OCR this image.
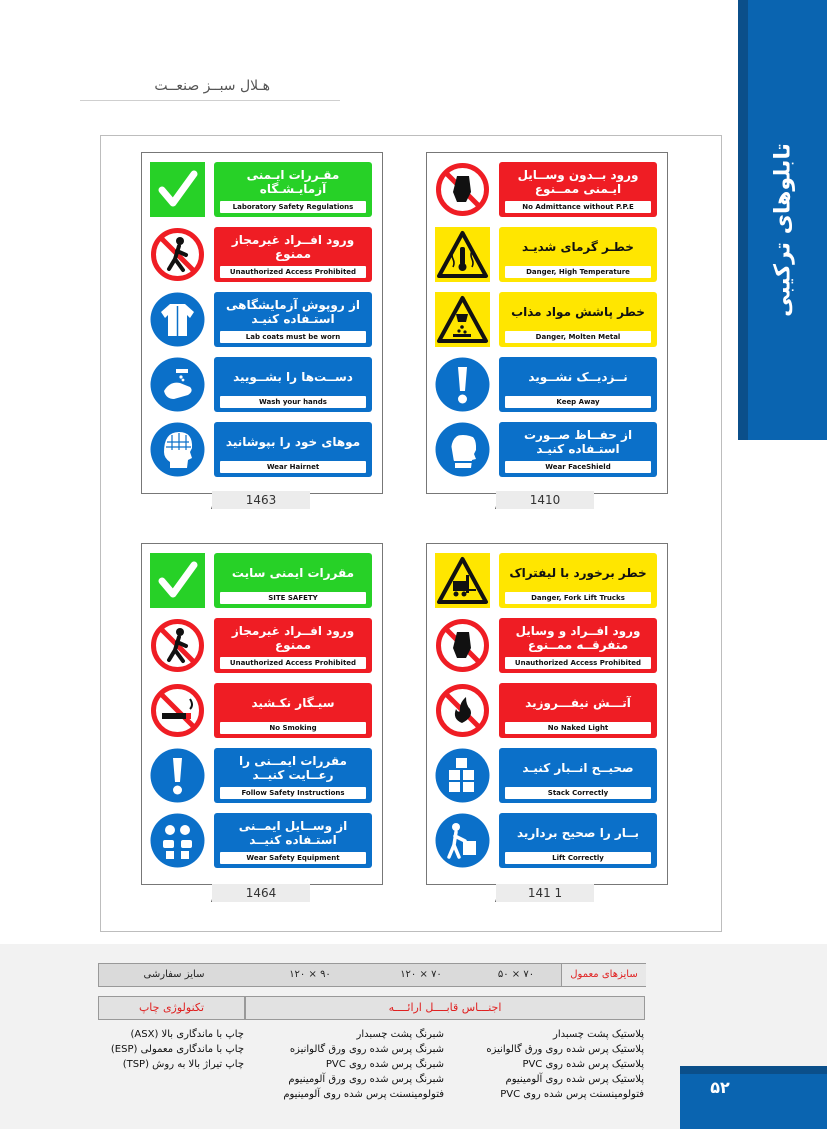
هـلال سبــز صنعــت
تابلوهای ترکیبی
مقـررات ایـمنی آزمایـشـگاه
Laboratory Safety Regulations
ورود افــراد غیرمجاز ممنوع
Unauthorized Access Prohibited
از روپوش آزمایشگاهی استـفاده کنیـد
Lab coats must be worn
دســت‌ها را بشــویید
Wash your hands
موهای خود را بپوشانید
Wear Hairnet
1463
ورود بــدون وســایل ایـمنی ممــنوع
No Admittance without P.P.E
خطـر گرمای شدیـد
Danger, High Temperature
خطر پاشش مواد مذاب
Danger, Molten Metal
نــزدیــک نشــوید
Keep Away
از حفــاظ صــورت استـفاده کنیـد
Wear FaceShield
1410
مقررات ایمنی سایت
SITE SAFETY
ورود افــراد غیرمجاز ممنوع
Unauthorized Access Prohibited
سیـگار نکـشید
No Smoking
مقررات ایمــنی را رعــایت کنیــد
Follow Safety Instructions
از وســایل ایمــنی استـفاده کنیــد
Wear Safety Equipment
1464
خطر برخورد با لیفتراک
Danger, Fork Lift Trucks
ورود افــراد و وسایل متفرقــه ممــنوع
Unauthorized Access Prohibited
آتـــش نیفـــروزید
No Naked Light
صحیــح انــبار کنیـد
Stack Correctly
بــار را صحیح بردارید
Lift Correctly
141 1
سایزهای معمول
۷۰ × ۵۰
۷۰ × ۱۲۰
۹۰ × ۱۲۰
سایز سفارشی
اجنـــاس قابــــل ارائــــه
تکنولوژی چاپ
پلاستیک پشت چسبدار
پلاستیک پرس شده روی ورق گالوانیزه
پلاستیک پرس شده روی PVC
پلاستیک پرس شده روی آلومینیوم
فتولومینسنت پرس شده روی PVC
شبرنگ پشت چسبدار
شبرنگ پرس شده روی ورق گالوانیزه
شبرنگ پرس شده روی PVC
شبرنگ پرس شده روی ورق آلومینیوم
فتولومینسنت پرس شده روی آلومینیوم
چاپ با ماندگاری بالا (ASX)
چاپ با ماندگاری معمولی (ESP)
چاپ تیراژ بالا به روش (TSP)
۵۲
